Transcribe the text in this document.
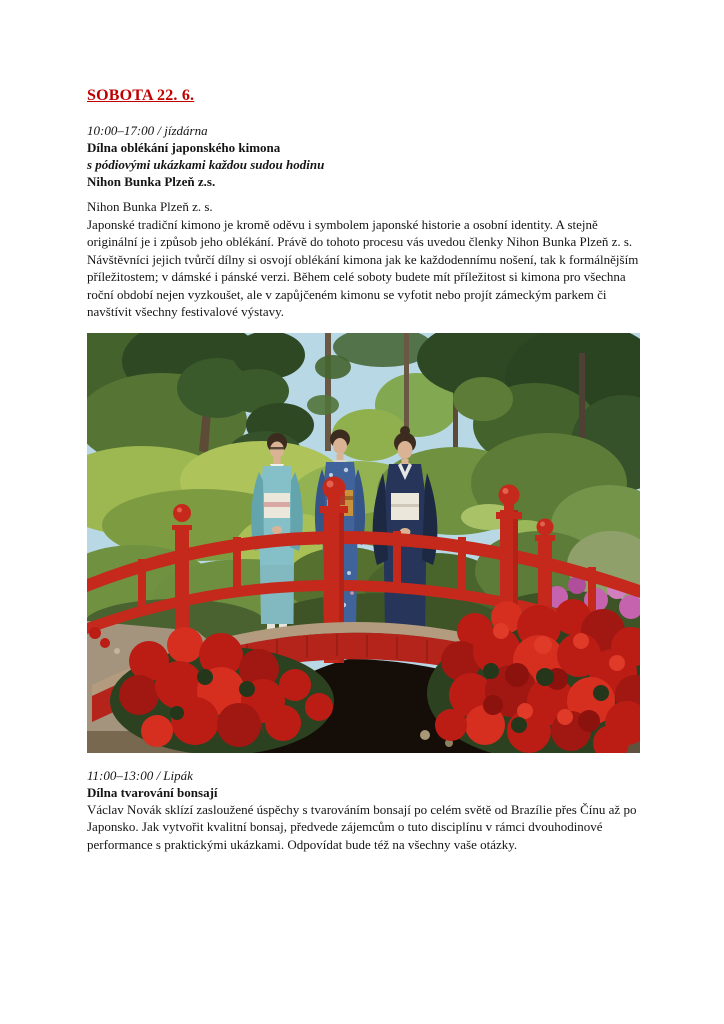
SOBOTA 22. 6.
10:00–17:00 / jízdárna
Dílna oblékání japonského kimona
s pódiovými ukázkami každou sudou hodinu
Nihon Bunka Plzeň z.s.
Nihon Bunka Plzeň z. s.
Japonské tradiční kimono je kromě oděvu i symbolem japonské historie a osobní identity. A stejně originální je i způsob jeho oblékání. Právě do tohoto procesu vás uvedou členky Nihon Bunka Plzeň z. s. Návštěvníci jejich tvůrčí dílny si osvojí oblékání kimona jak ke každodennímu nošení, tak k formálnějším příležitostem; v dámské i pánské verzi. Během celé soboty budete mít příležitost si kimona pro všechna roční období nejen vyzkoušet, ale v zapůjčeném kimonu se vyfotit nebo projít zámeckým parkem či navštívit všechny festivalové výstavy.
11:00–13:00 / Lipák
Dílna tvarování bonsají
Václav Novák sklízí zasloužené úspěchy s tvarováním bonsají po celém světě od Brazílie přes Čínu až po Japonsko. Jak vytvořit kvalitní bonsaj, předvede zájemcům o tuto disciplínu v rámci dvouhodinové performance s praktickými ukázkami. Odpovídat bude též na všechny vaše otázky.
